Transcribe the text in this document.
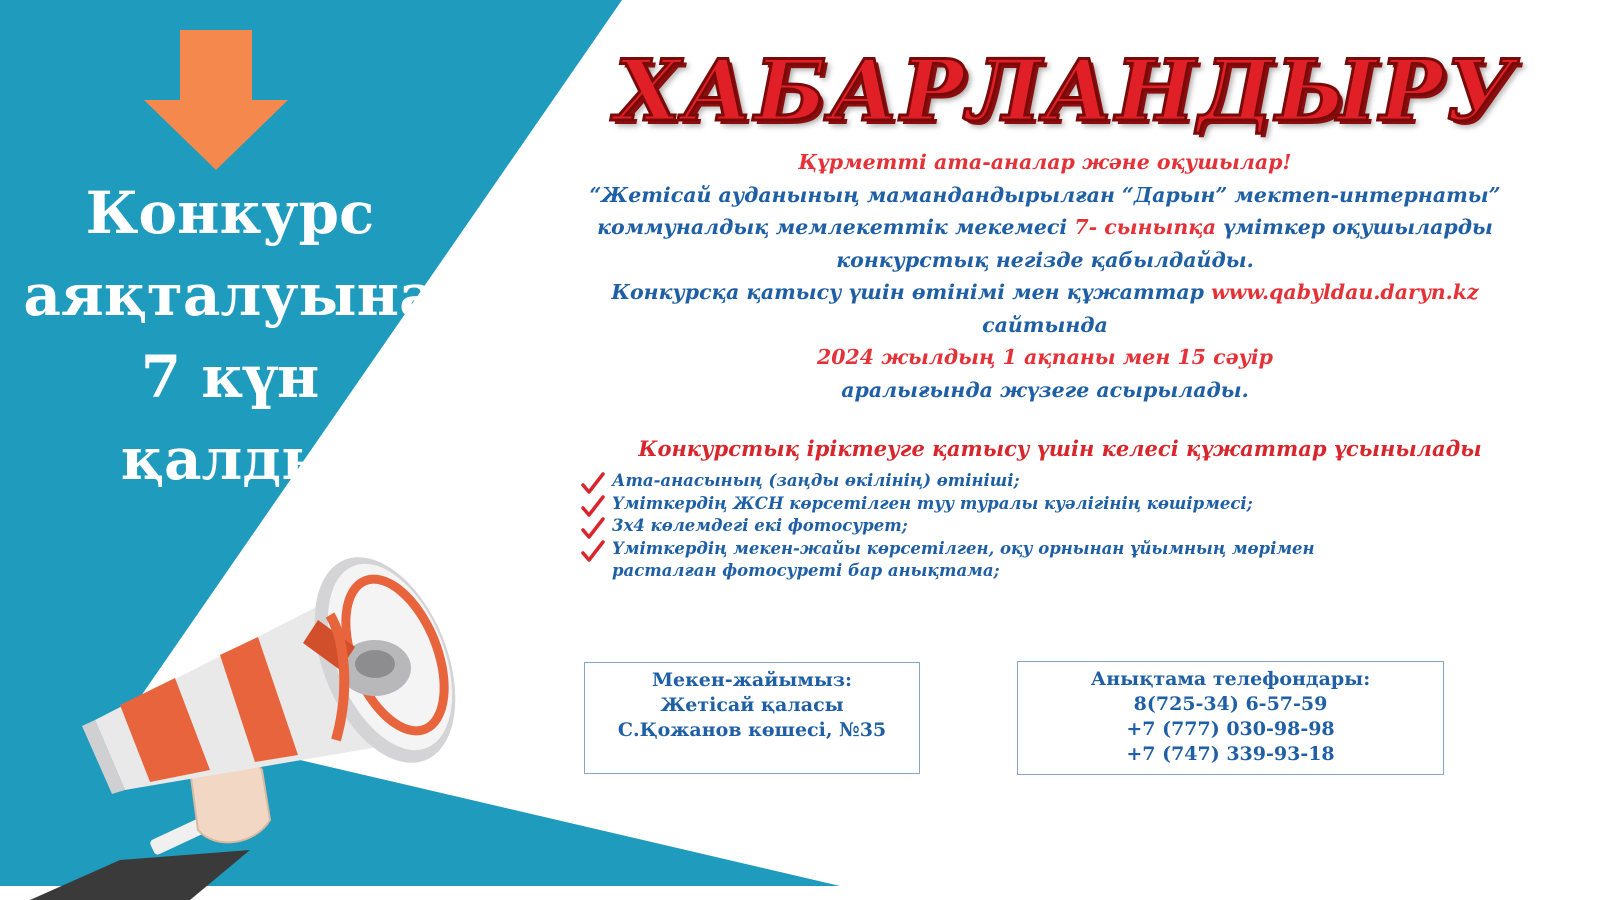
Конкурс
аяқталуына
7 күн
қалды
ХАБАРЛАНДЫРУ
Құрметті ата-аналар және оқушылар!
“Жетісай ауданының мамандандырылған “Дарын” мектеп-интернаты”
коммуналдық мемлекеттік мекемесі 7- сыныпқа үміткер оқушыларды
конкурстық негізде қабылдайды.
Конкурсқа қатысу үшін өтінімі мен құжаттар www.qabyldau.daryn.kz
сайтында
2024 жылдың 1 ақпаны мен 15 сәуір
аралығында жүзеге асырылады.
Конкурстық іріктеуге қатысу үшін келесі құжаттар ұсынылады
Ата-анасының (заңды өкілінің) өтініші;
Үміткердің ЖСН көрсетілген туу туралы куәлігінің көшірмесі;
3х4 көлемдегі екі фотосурет;
Үміткердің мекен-жайы көрсетілген, оқу орнынан ұйымның мөрімен
расталған фотосуреті бар анықтама;
Мекен-жайымыз:
Жетісай қаласы
С.Қожанов көшесі, №35
Анықтама телефондары:
8(725-34) 6-57-59
+7 (777) 030-98-98
+7 (747) 339-93-18
